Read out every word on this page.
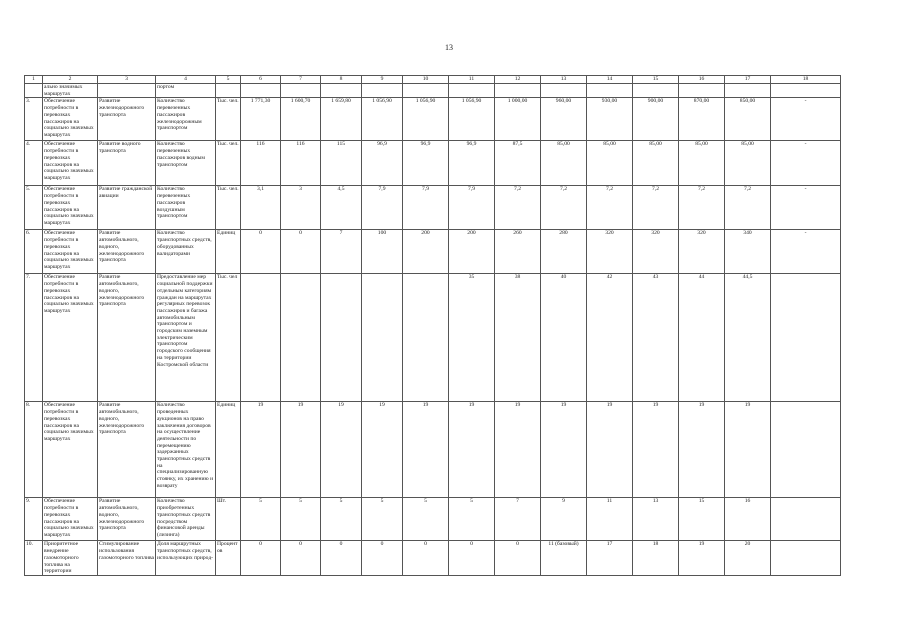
13
1	2	3	4	5	6	7	8	9	10	11	12	13	14	15	16	17	18
	ально значимых маршрутах		портом														
3.	Обеспечение потребности в перевозках пассажиров на социально значимых маршрутах	Развитие железнодорожного транспорта	Количество перевезенных пассажиров железнодорожным транспортом	Тыс. чел.	1 771,30	1 600,70	1 659,80	1 056,90	1 056,90	1 056,90	1 000,00	960,00	930,00	900,00	870,00	850,00	-
4.	Обеспечение потребности в перевозках пассажиров на социально значимых маршрутах	Развитие водного транспорта	Количество перевезенных пассажиров водным транспортом	Тыс. чел.	116	116	115	96,9	96,9	96,9	87,5	85,00	85,00	85,00	85,00	85,00	-
5.	Обеспечение потребности в перевозках пассажиров на социально значимых маршрутах	Развитие гражданской авиации	Количество перевезенных пассажиров воздушным транспортом	Тыс. чел.	3,1	3	4,5	7,9	7,9	7,9	7,2	7,2	7,2	7,2	7,2	7,2	-
6.	Обеспечение потребности в перевозках пассажиров на социально значимых маршрутах	Развитие автомобильного, водного, железнодорожного транспорта	Количество транспортных средств, оборудованных валидаторами	Единиц	0	0	7	100	200	200	260	280	320	320	320	340	-
7.	Обеспечение потребности в перевозках пассажиров на социально значимых маршрутах	Развитие автомобильного, водного, железнодорожного транспорта	Предоставление мер социальной поддержки отдельным категориям граждан на маршрутах регулярных перевозок пассажиров и багажа автомобильным транспортом и городским наземным электрическим транспортом городского сообщения на территории Костромской области	Тыс. чел						35	38	40	42	43	44	44,5	
8.	Обеспечение потребности в перевозках пассажиров на социально значимых маршрутах	Развитие автомобильного, водного, железнодорожного транспорта	Количество проведенных аукционов на право заключения договоров на осуществление деятельности по перемещению задержанных транспортных средств на специализированную стоянку, их хранению и возврату	Единиц	19	19	19	19	19	19	19	19	19	19	19	19	
9.	Обеспечение потребности в перевозках пассажиров на социально значимых маршрутах	Развитие автомобильного, водного, железнодорожного транспорта	Количество приобретенных транспортных средств посредством финансовой аренды (лизинга)	Шт.	5	5	5	5	5	5	7	9	11	13	15	16	
10.	Приоритетное внедрение газомоторного топлива на территории	Стимулирование использования газомоторного топлива	Доля маршрутных транспортных средств, использующих природ-	Процентов	0	0	0	0	0	0	0	11 (базовый)	17	18	19	20	
